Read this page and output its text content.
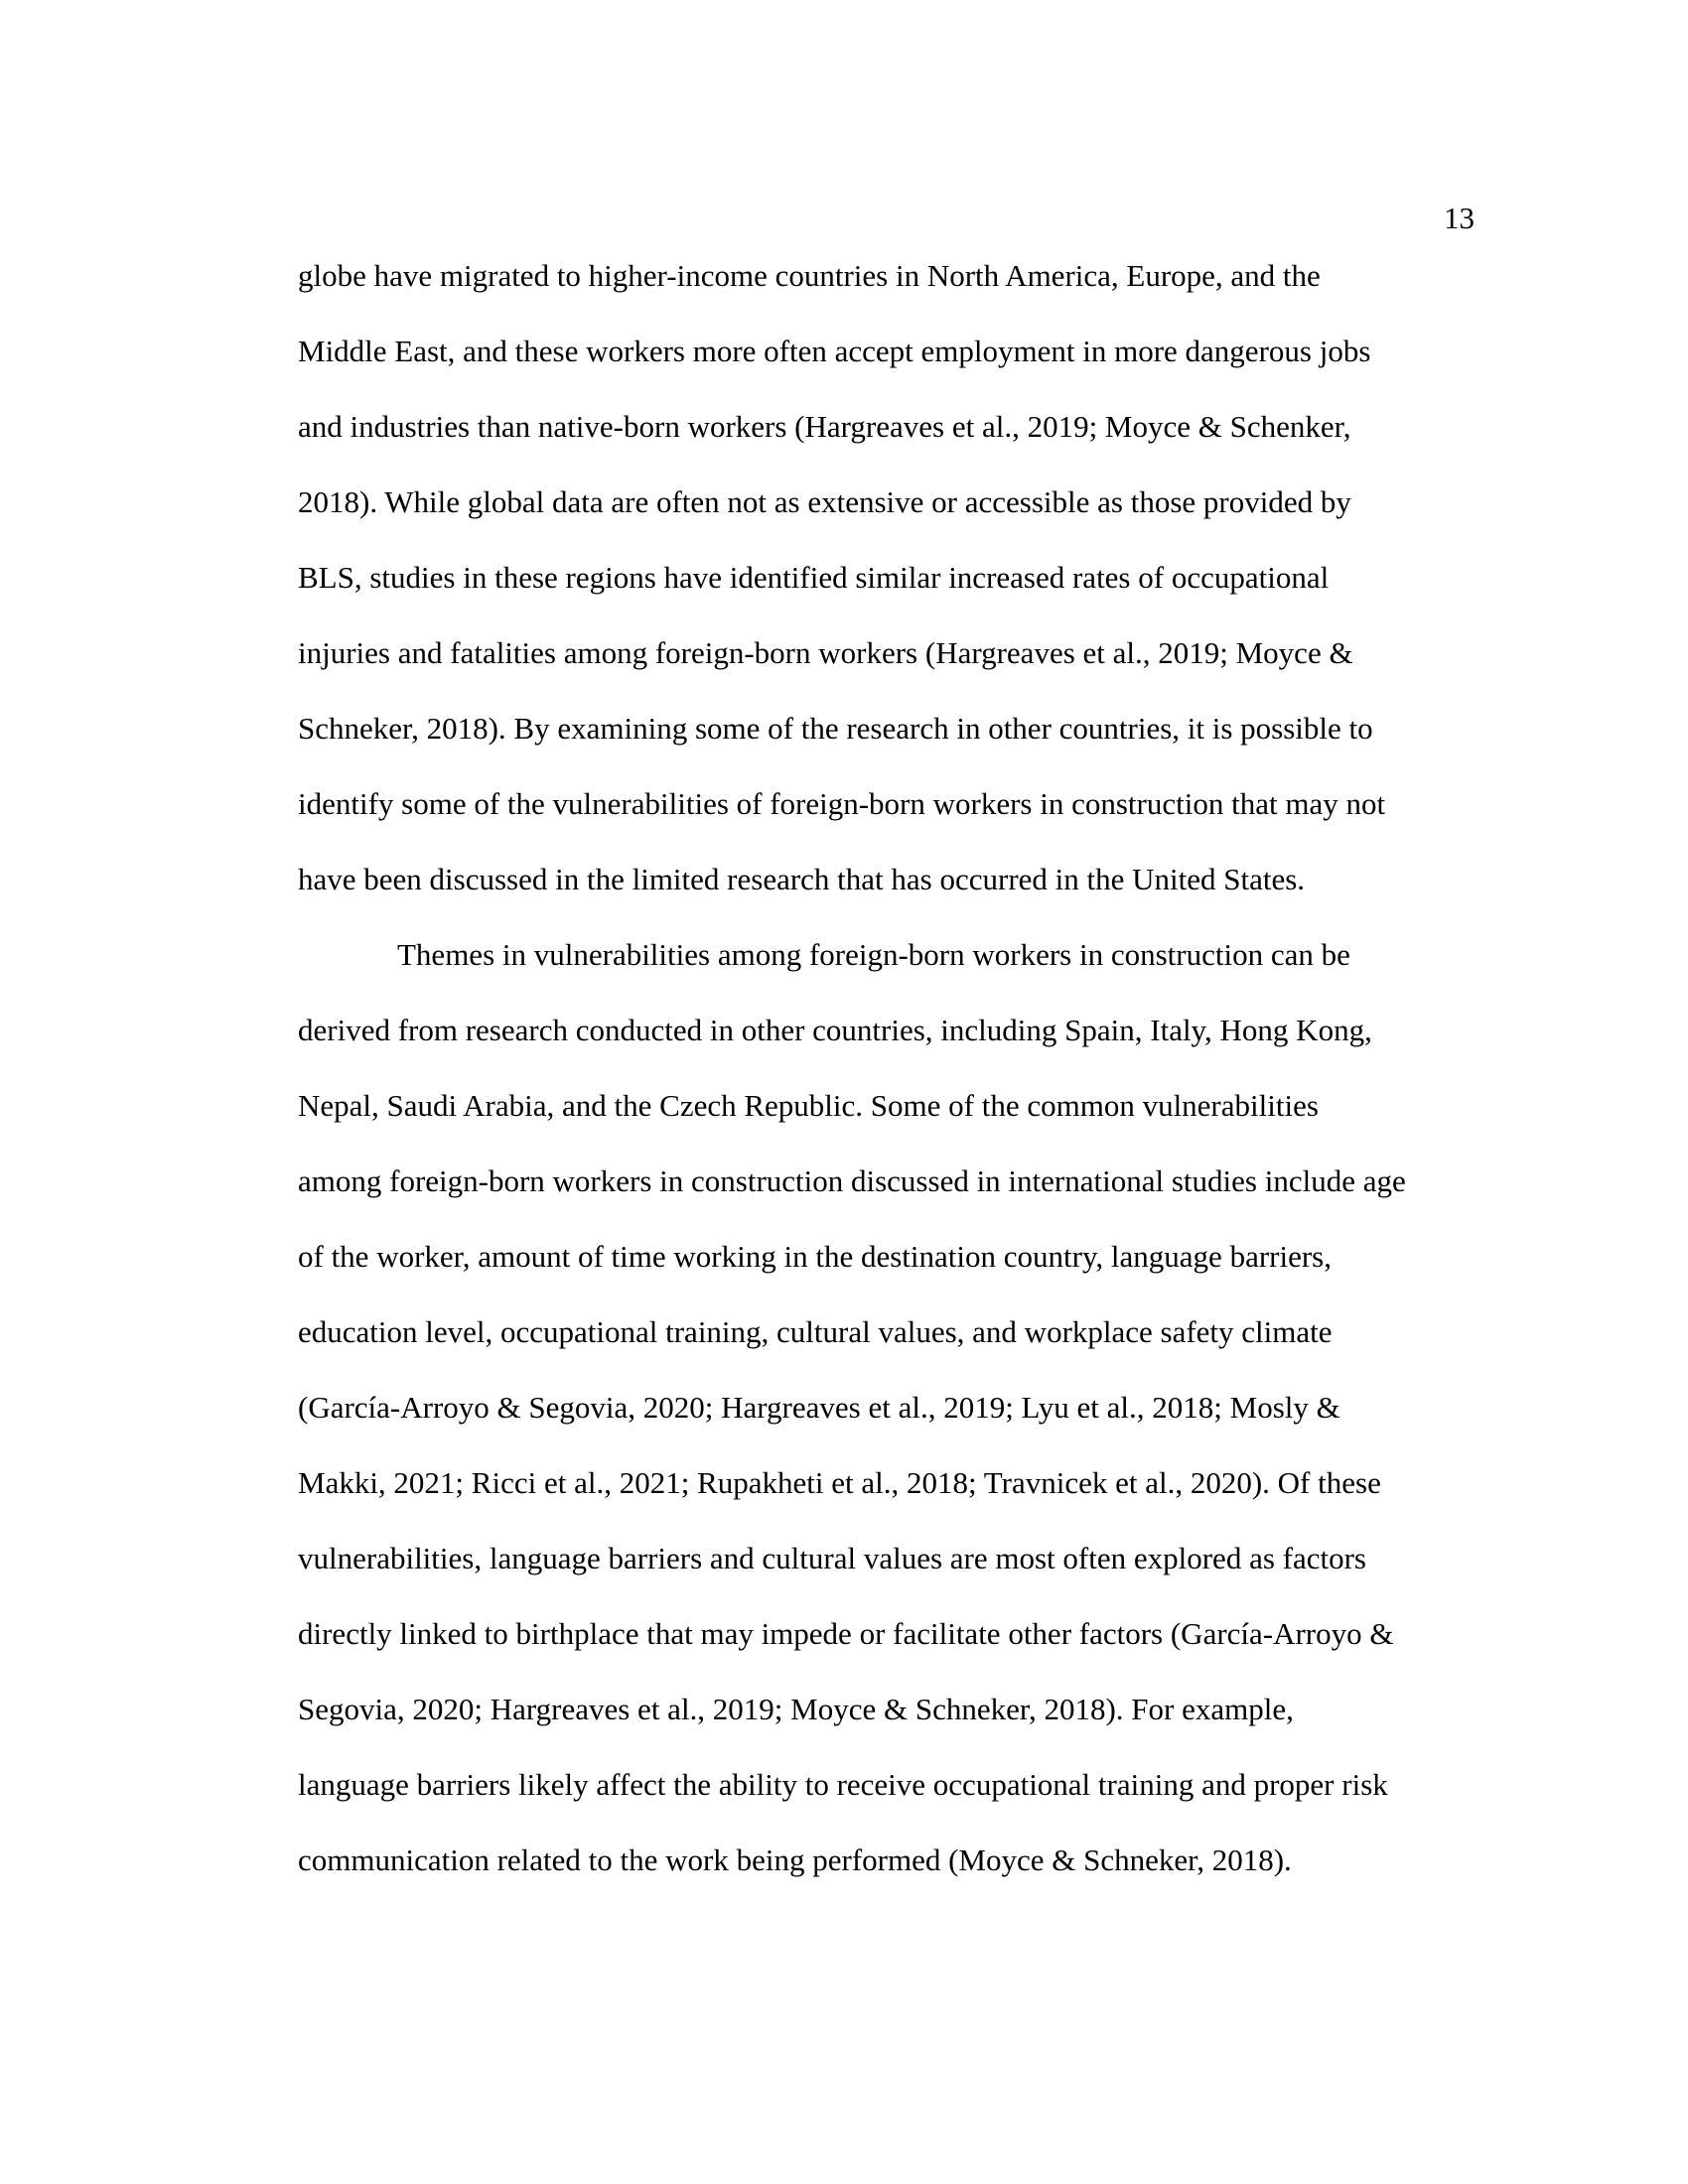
13

globe have migrated to higher-income countries in North America, Europe, and the

Middle East, and these workers more often accept employment in more dangerous jobs

and industries than native-born workers (Hargreaves et al., 2019; Moyce & Schenker,

2018). While global data are often not as extensive or accessible as those provided by

BLS, studies in these regions have identified similar increased rates of occupational

injuries and fatalities among foreign-born workers (Hargreaves et al., 2019; Moyce &

Schneker, 2018). By examining some of the research in other countries, it is possible to

identify some of the vulnerabilities of foreign-born workers in construction that may not

have been discussed in the limited research that has occurred in the United States.

Themes in vulnerabilities among foreign-born workers in construction can be

derived from research conducted in other countries, including Spain, Italy, Hong Kong,

Nepal, Saudi Arabia, and the Czech Republic. Some of the common vulnerabilities

among foreign-born workers in construction discussed in international studies include age

of the worker, amount of time working in the destination country, language barriers,

education level, occupational training, cultural values, and workplace safety climate

(García-Arroyo & Segovia, 2020; Hargreaves et al., 2019; Lyu et al., 2018; Mosly &

Makki, 2021; Ricci et al., 2021; Rupakheti et al., 2018; Travnicek et al., 2020). Of these

vulnerabilities, language barriers and cultural values are most often explored as factors

directly linked to birthplace that may impede or facilitate other factors (García-Arroyo &

Segovia, 2020; Hargreaves et al., 2019; Moyce & Schneker, 2018). For example,

language barriers likely affect the ability to receive occupational training and proper risk

communication related to the work being performed (Moyce & Schneker, 2018).
